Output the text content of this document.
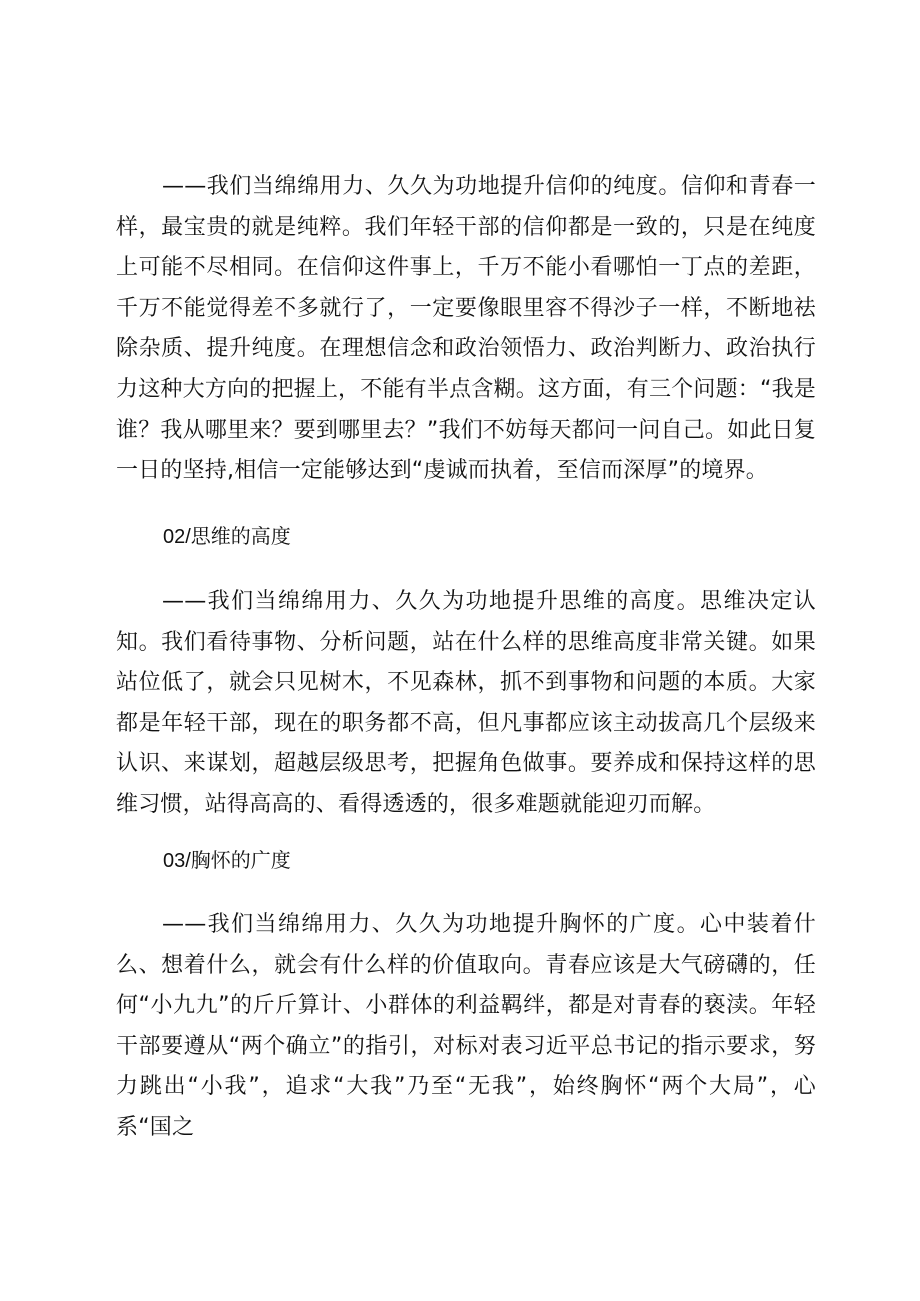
——我们当绵绵用力、久久为功地提升信仰的纯度。信仰和青春一样，最宝贵的就是纯粹。我们年轻干部的信仰都是一致的，只是在纯度上可能不尽相同。在信仰这件事上，千万不能小看哪怕一丁点的差距，千万不能觉得差不多就行了，一定要像眼里容不得沙子一样，不断地祛除杂质、提升纯度。在理想信念和政治领悟力、政治判断力、政治执行力这种大方向的把握上，不能有半点含糊。这方面，有三个问题：“我是谁？我从哪里来？要到哪里去？”我们不妨每天都问一问自己。如此日复一日的坚持,相信一定能够达到“虔诚而执着，至信而深厚”的境界。

02/思维的高度

——我们当绵绵用力、久久为功地提升思维的高度。思维决定认知。我们看待事物、分析问题，站在什么样的思维高度非常关键。如果站位低了，就会只见树木，不见森林，抓不到事物和问题的本质。大家都是年轻干部，现在的职务都不高，但凡事都应该主动拔高几个层级来认识、来谋划，超越层级思考，把握角色做事。要养成和保持这样的思维习惯，站得高高的、看得透透的，很多难题就能迎刃而解。

03/胸怀的广度

——我们当绵绵用力、久久为功地提升胸怀的广度。心中装着什么、想着什么，就会有什么样的价值取向。青春应该是大气磅礴的，任何“小九九”的斤斤算计、小群体的利益羁绊，都是对青春的亵渎。年轻干部要遵从“两个确立”的指引，对标对表习近平总书记的指示要求，努力跳出“小我”，追求“大我”乃至“无我”，始终胸怀“两个大局”，心系“国之
